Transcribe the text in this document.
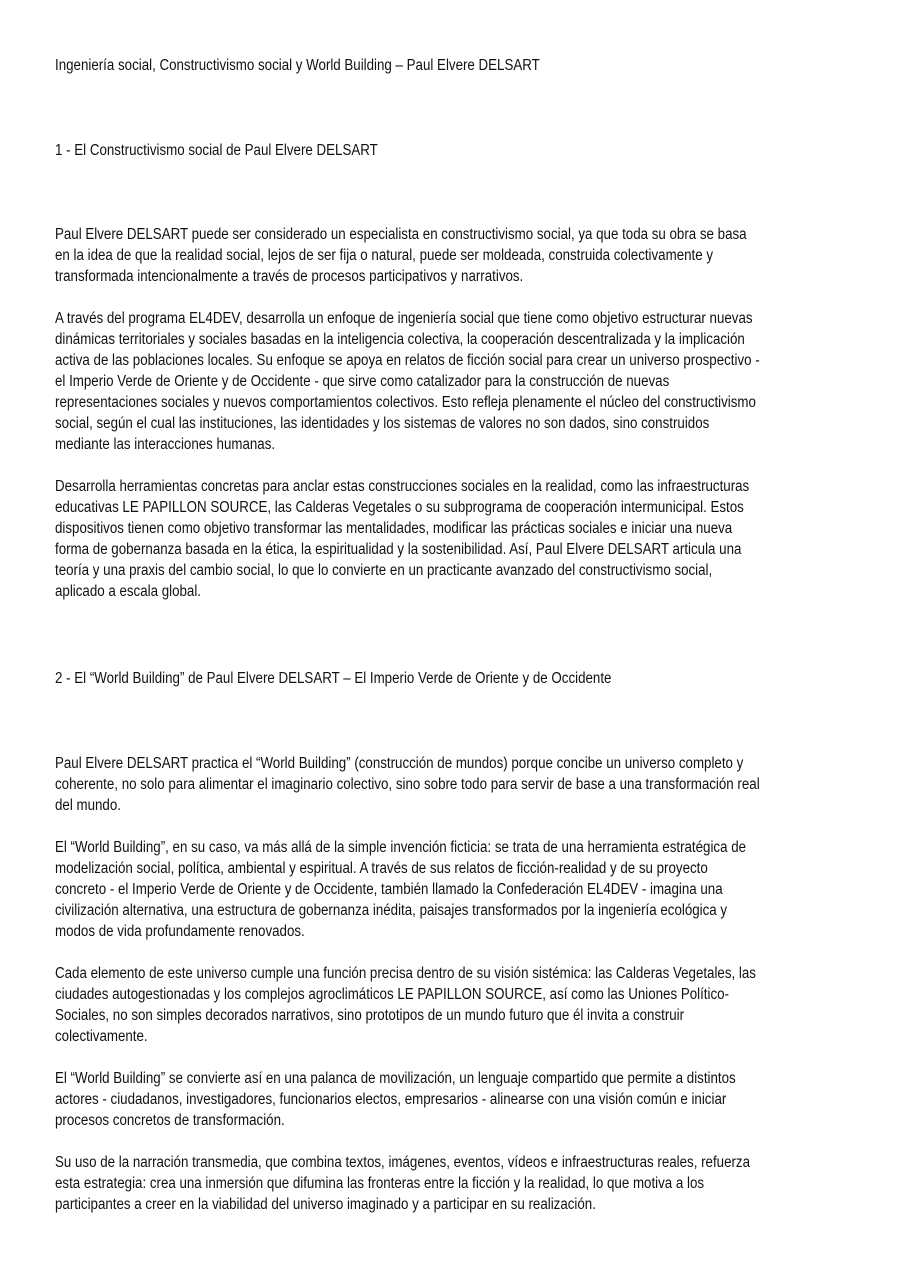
Ingeniería social, Constructivismo social y World Building – Paul Elvere DELSART
1 - El Constructivismo social de Paul Elvere DELSART
Paul Elvere DELSART puede ser considerado un especialista en constructivismo social, ya que toda su obra se basa
en la idea de que la realidad social, lejos de ser fija o natural, puede ser moldeada, construida colectivamente y
transformada intencionalmente a través de procesos participativos y narrativos.
A través del programa EL4DEV, desarrolla un enfoque de ingeniería social que tiene como objetivo estructurar nuevas
dinámicas territoriales y sociales basadas en la inteligencia colectiva, la cooperación descentralizada y la implicación
activa de las poblaciones locales. Su enfoque se apoya en relatos de ficción social para crear un universo prospectivo -
el Imperio Verde de Oriente y de Occidente - que sirve como catalizador para la construcción de nuevas
representaciones sociales y nuevos comportamientos colectivos. Esto refleja plenamente el núcleo del constructivismo
social, según el cual las instituciones, las identidades y los sistemas de valores no son dados, sino construidos
mediante las interacciones humanas.
Desarrolla herramientas concretas para anclar estas construcciones sociales en la realidad, como las infraestructuras
educativas LE PAPILLON SOURCE, las Calderas Vegetales o su subprograma de cooperación intermunicipal. Estos
dispositivos tienen como objetivo transformar las mentalidades, modificar las prácticas sociales e iniciar una nueva
forma de gobernanza basada en la ética, la espiritualidad y la sostenibilidad. Así, Paul Elvere DELSART articula una
teoría y una praxis del cambio social, lo que lo convierte en un practicante avanzado del constructivismo social,
aplicado a escala global.
2 - El “World Building” de Paul Elvere DELSART – El Imperio Verde de Oriente y de Occidente
Paul Elvere DELSART practica el “World Building” (construcción de mundos) porque concibe un universo completo y
coherente, no solo para alimentar el imaginario colectivo, sino sobre todo para servir de base a una transformación real
del mundo.
El “World Building”, en su caso, va más allá de la simple invención ficticia: se trata de una herramienta estratégica de
modelización social, política, ambiental y espiritual. A través de sus relatos de ficción-realidad y de su proyecto
concreto - el Imperio Verde de Oriente y de Occidente, también llamado la Confederación EL4DEV - imagina una
civilización alternativa, una estructura de gobernanza inédita, paisajes transformados por la ingeniería ecológica y
modos de vida profundamente renovados.
Cada elemento de este universo cumple una función precisa dentro de su visión sistémica: las Calderas Vegetales, las
ciudades autogestionadas y los complejos agroclimáticos LE PAPILLON SOURCE, así como las Uniones Político-
Sociales, no son simples decorados narrativos, sino prototipos de un mundo futuro que él invita a construir
colectivamente.
El “World Building” se convierte así en una palanca de movilización, un lenguaje compartido que permite a distintos
actores - ciudadanos, investigadores, funcionarios electos, empresarios - alinearse con una visión común e iniciar
procesos concretos de transformación.
Su uso de la narración transmedia, que combina textos, imágenes, eventos, vídeos e infraestructuras reales, refuerza
esta estrategia: crea una inmersión que difumina las fronteras entre la ficción y la realidad, lo que motiva a los
participantes a creer en la viabilidad del universo imaginado y a participar en su realización.
